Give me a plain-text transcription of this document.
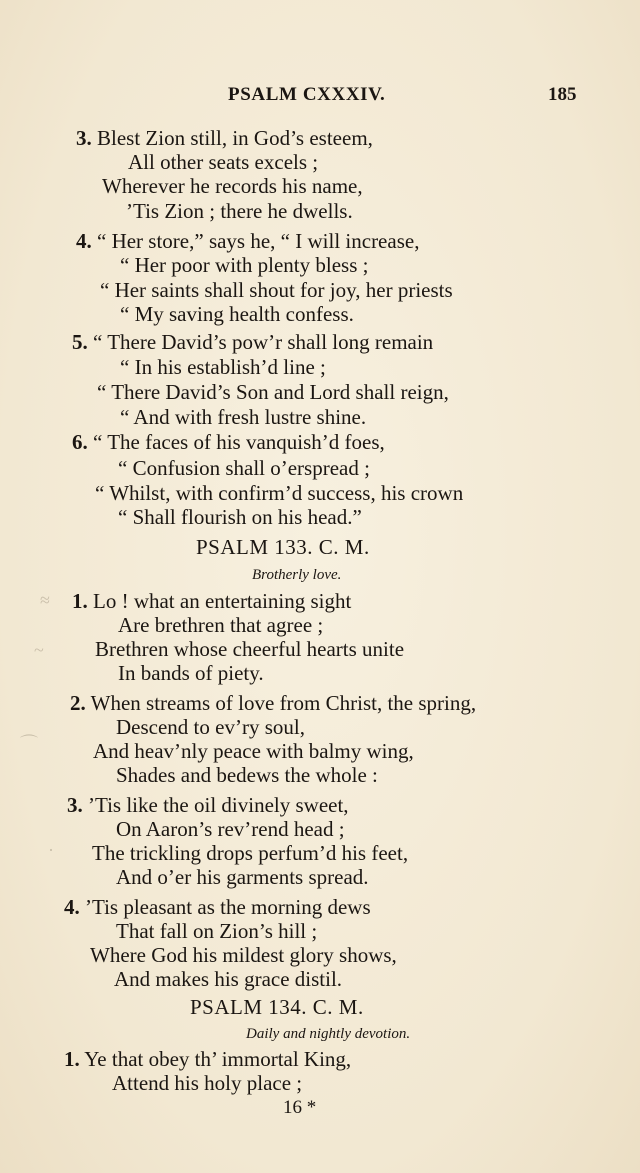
PSALM CXXXIV.	185
3. Blest Zion still, in God’s esteem,
All other seats excels ;
Wherever he records his name,
’Tis Zion ; there he dwells.
4. “ Her store,” says he, “ I will increase,
“ Her poor with plenty bless ;
“ Her saints shall shout for joy, her priests
“ My saving health confess.
5. “ There David’s pow’r shall long remain
“ In his establish’d line ;
“ There David’s Son and Lord shall reign,
“ And with fresh lustre shine.
6. “ The faces of his vanquish’d foes,
“ Confusion shall o’erspread ;
“ Whilst, with confirm’d success, his crown
“ Shall flourish on his head.”
PSALM 133. C. M.
Brotherly love.
1. Lo ! what an entertaining sight
Are brethren that agree ;
Brethren whose cheerful hearts unite
In bands of piety.
2. When streams of love from Christ, the spring,
Descend to ev’ry soul,
And heav’nly peace with balmy wing,
Shades and bedews the whole :
3. ’Tis like the oil divinely sweet,
On Aaron’s rev’rend head ;
The trickling drops perfum’d his feet,
And o’er his garments spread.
4. ’Tis pleasant as the morning dews
That fall on Zion’s hill ;
Where God his mildest glory shows,
And makes his grace distil.
PSALM 134. C. M.
Daily and nightly devotion.
1. Ye that obey th’ immortal King,
Attend his holy place ;
16 *
≈
~
⌒
·
